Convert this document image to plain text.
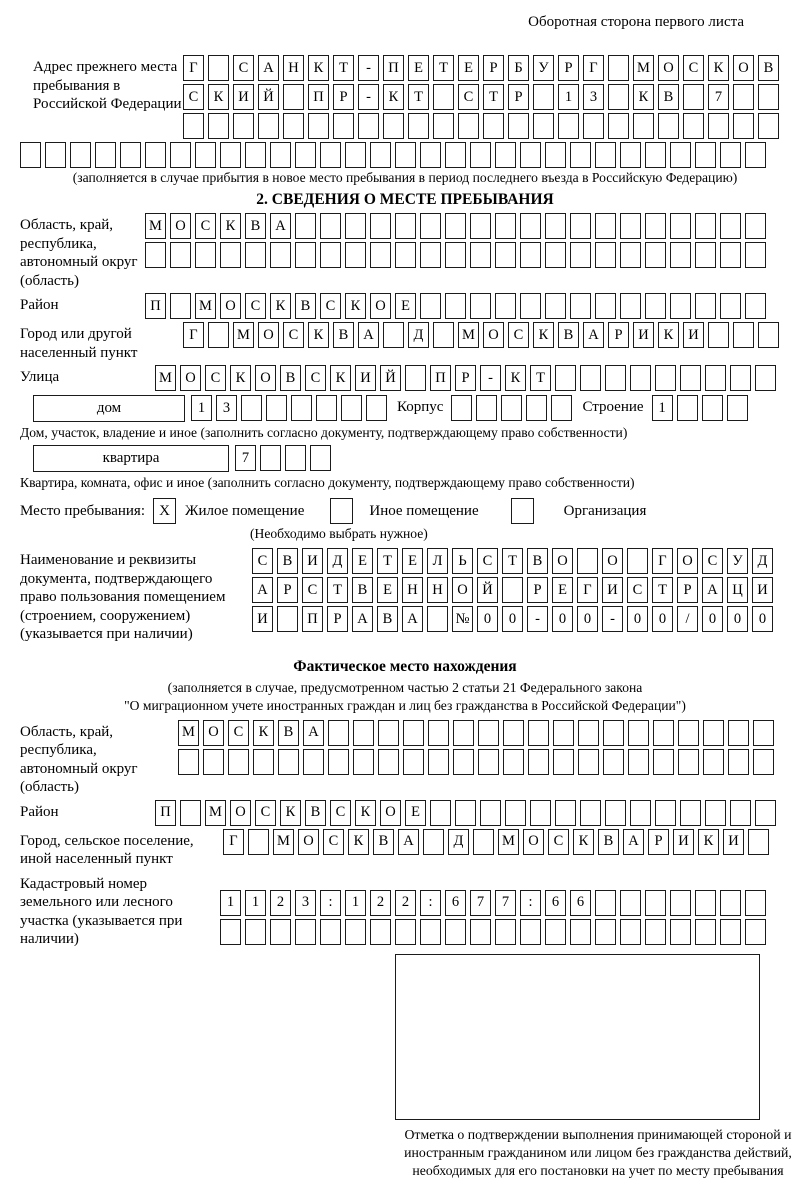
Оборотная сторона первого листа
Адрес прежнего места пребывания в Российской Федерации
Г	С	А	Н	К	Т	-	П	Е	Т	Е	Р	Б	У	Р	Г	М О	С	К	О	В
С	К	И	Й	П	Р	-	К	Т	С	Т	Р	1	3	К	В	7
(заполняется в случае прибытия в новое место пребывания в период последнего въезда в Российскую Федерацию)
2. СВЕДЕНИЯ О МЕСТЕ ПРЕБЫВАНИЯ
Область, край, республика, автономный округ (область)
М О	С	К	В	А
Район	П	М О	С	К	В	С	К	О	Е
Город или другой населенный пункт
Г	М О	С	К	В	А	Д	М О	С	К	В	А	Р	И	К	И
Улица	М О	С	К	О	В	С	К	И	Й	П	Р	-	К	Т
дом	1	3	Корпус	Строение	1
Дом, участок, владение и иное (заполнить согласно документу, подтверждающему право собственности)
квартира	7
Квартира, комната, офис и иное (заполнить согласно документу, подтверждающему право собственности)
Место пребывания: X	Жилое помещение	Иное помещение	Организация
(Необходимо выбрать нужное)
Наименование и реквизиты документа, подтверждающего право пользования помещением (строением, сооружением) (указывается при наличии)
С	В	И	Д	Е	Т	Е	Л	Ь	С	Т	В	О	О	Г	О	С	У	Д
А	Р	С	Т	В	Е	Н	Н	О	Й	Р	Е	Г	И	С	Т	Р	А	Ц	И
И	П	Р	А	В	А	№ 0	0	-	0	0	-	0	0	/	0	0	0
Фактическое место нахождения
(заполняется в случае, предусмотренном частью 2 статьи 21 Федерального закона
"О миграционном учете иностранных граждан и лиц без гражданства в Российской Федерации")
Область, край, республика, автономный округ (область)
М О	С	К	В	А
Район	П	М О	С	К	В	С	К	О	Е
Город, сельское поселение, иной населенный пункт
Г	М О	С	К	В	А	Д	М О	С	К	В	А	Р	И	К	И
Кадастровый номер земельного или лесного участка (указывается при наличии)
1	1	2	3	:	1	2	2	:	6	7	7	:	6	6
Отметка о подтверждении выполнения принимающей стороной и иностранным гражданином или лицом без гражданства действий, необходимых для его постановки на учет по месту пребывания
